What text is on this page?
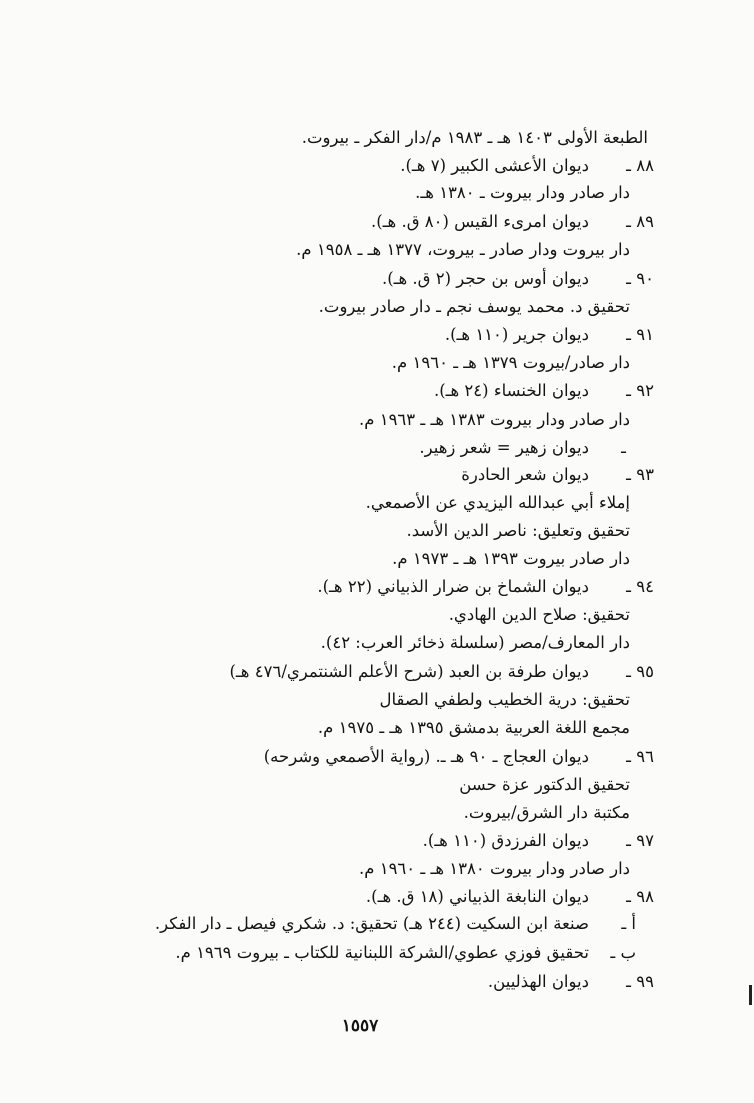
الطبعة الأولى ١٤٠٣ هـ ـ ١٩٨٣ م/دار الفكر ـ بيروت.
ديوان الأعشى الكبير (٧ هـ).
دار صادر ودار بيروت ـ ١٣٨٠ هـ.
ديوان امرىء القيس (٨٠ ق. هـ).
دار بيروت ودار صادر ـ بيروت، ١٣٧٧ هـ ـ ١٩٥٨ م.
ديوان أوس بن حجر (٢ ق. هـ).
تحقيق د. محمد يوسف نجم ـ دار صادر بيروت.
ديوان جرير (١١٠ هـ).
دار صادر/بيروت ١٣٧٩ هـ ـ ١٩٦٠ م.
ديوان الخنساء (٢٤ هـ).
دار صادر ودار بيروت ١٣٨٣ هـ ـ ١٩٦٣ م.
ديوان زهير = شعر زهير.
ديوان شعر الحادرة
إملاء أبي عبدالله اليزيدي عن الأصمعي.
تحقيق وتعليق: ناصر الدين الأسد.
دار صادر بيروت ١٣٩٣ هـ ـ ١٩٧٣ م.
ديوان الشماخ بن ضرار الذبياني (٢٢ هـ).
تحقيق: صلاح الدين الهادي.
دار المعارف/مصر (سلسلة ذخائر العرب: ٤٢).
ديوان طرفة بن العبد (شرح الأعلم الشنتمري/٤٧٦ هـ)
تحقيق: درية الخطيب ولطفي الصقال
مجمع اللغة العربية بدمشق ١٣٩٥ هـ ـ ١٩٧٥ م.
ديوان العجاج ـ ٩٠ هـ ـ. (رواية الأصمعي وشرحه)
تحقيق الدكتور عزة حسن
مكتبة دار الشرق/بيروت.
ديوان الفرزدق (١١٠ هـ).
دار صادر ودار بيروت ١٣٨٠ هـ ـ ١٩٦٠ م.
ديوان النابغة الذبياني (١٨ ق. هـ).
صنعة ابن السكيت (٢٤٤ هـ) تحقيق: د. شكري فيصل ـ دار الفكر.
تحقيق فوزي عطوي/الشركة اللبنانية للكتاب ـ بيروت ١٩٦٩ م.
ديوان الهذليين.
٨٨ ـ
٨٩ ـ
٩٠ ـ
٩١ ـ
٩٢ ـ
ـ
٩٣ ـ
٩٤ ـ
٩٥ ـ
٩٦ ـ
٩٧ ـ
٩٨ ـ
أ ـ
ب ـ
٩٩ ـ
١٥٥٧
